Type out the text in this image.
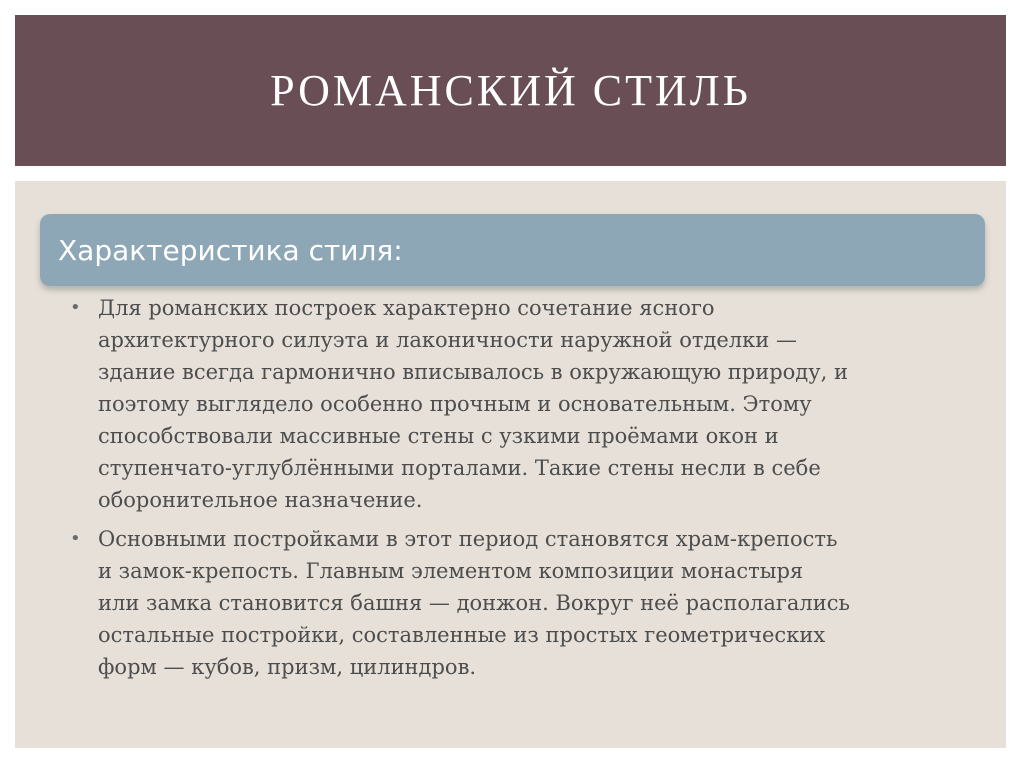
РОМАНСКИЙ СТИЛЬ
Характеристика стиля:
• Для романских построек характерно сочетание ясного
архитектурного силуэта и лаконичности наружной отделки —
здание всегда гармонично вписывалось в окружающую природу, и
поэтому выглядело особенно прочным и основательным. Этому
способствовали массивные стены с узкими проёмами окон и
ступенчато-углублёнными порталами. Такие стены несли в себе
оборонительное назначение.
• Основными постройками в этот период становятся храм-крепость
и замок-крепость. Главным элементом композиции монастыря
или замка становится башня — донжон. Вокруг неё располагались
остальные постройки, составленные из простых геометрических
форм — кубов, призм, цилиндров.
